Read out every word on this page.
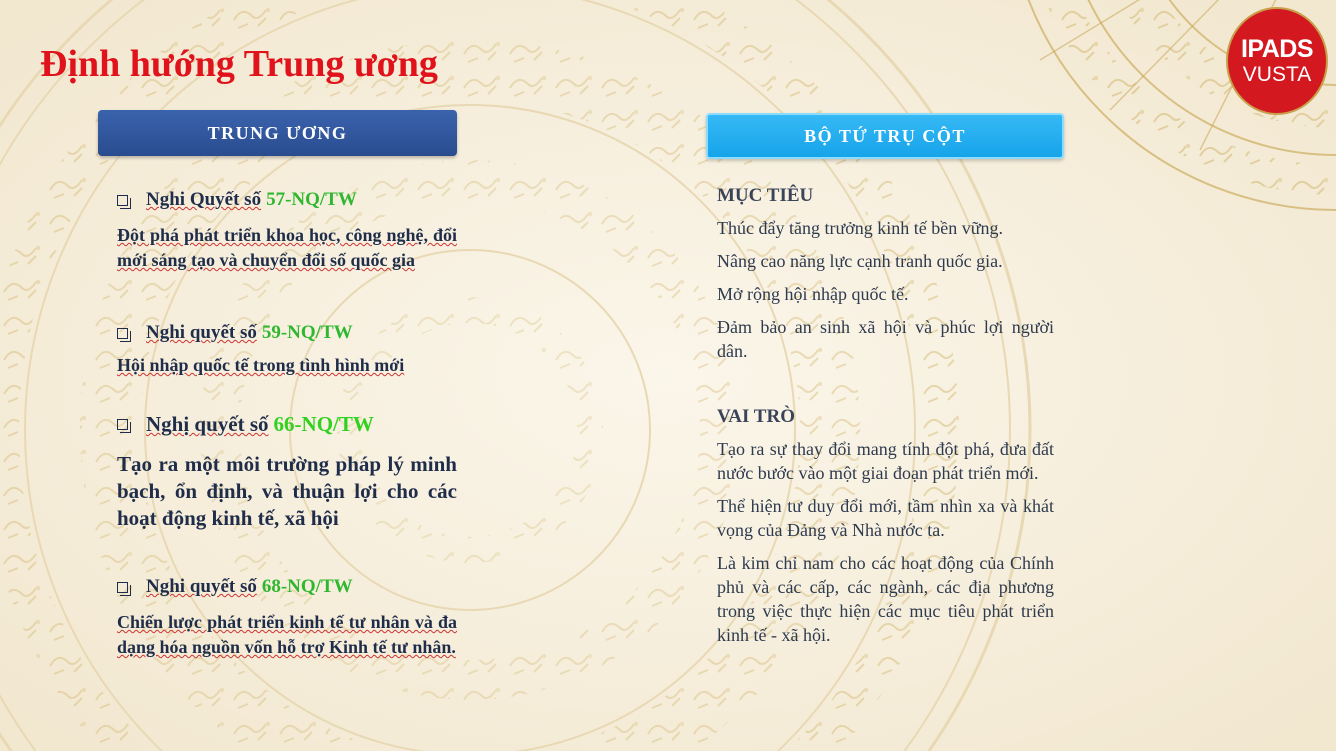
Định hướng Trung ương	IPADS
VUSTA
TRUNG ƯƠNG	BỘ TỨ TRỤ CỘT
Nghi Quyết số 57-NQ/TW
Đột phá phát triển khoa học, công nghệ, đổi mới sáng tạo và chuyển đổi số quốc gia
Nghi quyết số 59-NQ/TW
Hội nhập quốc tế trong tình hình mới
Nghị quyết số 66-NQ/TW
Tạo ra một môi trường pháp lý minh bạch, ổn định, và thuận lợi cho các hoạt động kinh tế, xã hội
Nghi quyết số 68-NQ/TW
Chiến lược phát triển kinh tế tư nhân và đa dạng hóa nguồn vốn hỗ trợ Kinh tế tư nhân.
MỤC TIÊU
Thúc đẩy tăng trưởng kinh tế bền vững.
Nâng cao năng lực cạnh tranh quốc gia.
Mở rộng hội nhập quốc tế.
Đảm bảo an sinh xã hội và phúc lợi người dân.
VAI TRÒ
Tạo ra sự thay đổi mang tính đột phá, đưa đất nước bước vào một giai đoạn phát triển mới.
Thể hiện tư duy đổi mới, tầm nhìn xa và khát vọng của Đảng và Nhà nước ta.
Là kim chỉ nam cho các hoạt động của Chính phủ và các cấp, các ngành, các địa phương trong việc thực hiện các mục tiêu phát triển kinh tế - xã hội.
